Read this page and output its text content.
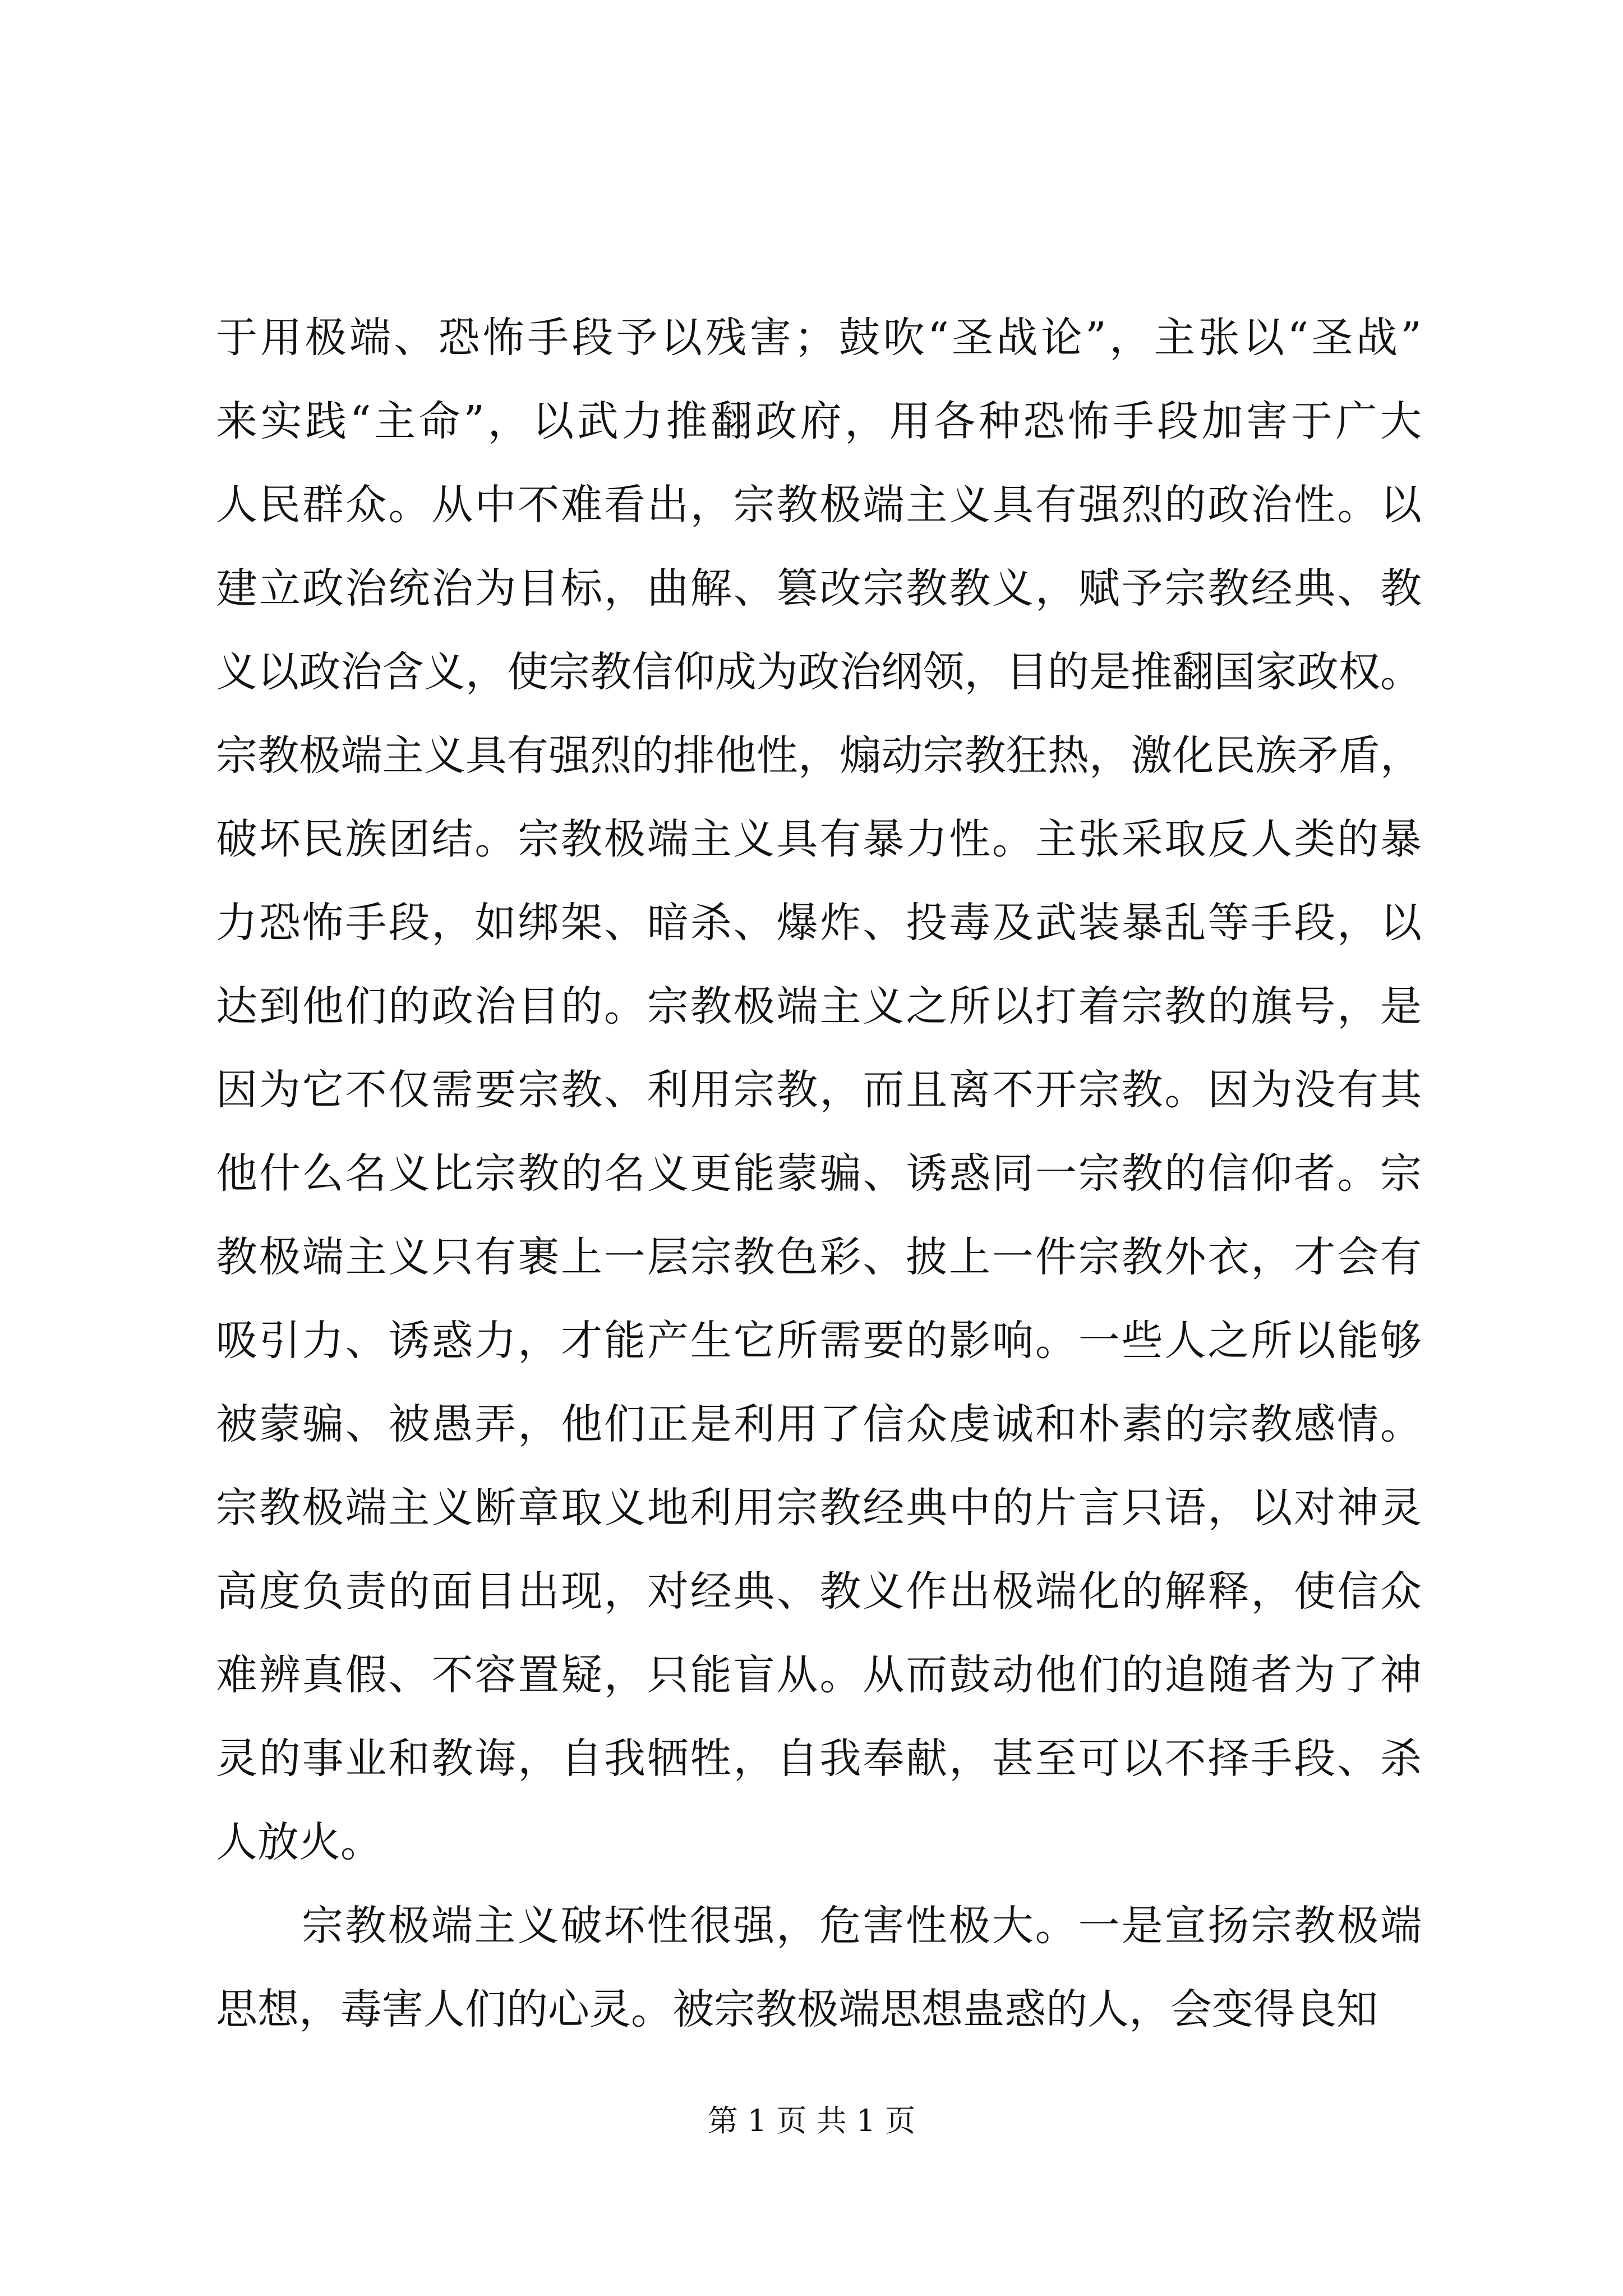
于用极端、恐怖手段予以残害；鼓吹“圣战论”，主张以“圣战”
来实践“主命”，以武力推翻政府，用各种恐怖手段加害于广大
人民群众。从中不难看出，宗教极端主义具有强烈的政治性。以
建立政治统治为目标，曲解、篡改宗教教义，赋予宗教经典、教
义以政治含义，使宗教信仰成为政治纲领，目的是推翻国家政权。
宗教极端主义具有强烈的排他性，煽动宗教狂热，激化民族矛盾，
破坏民族团结。宗教极端主义具有暴力性。主张采取反人类的暴
力恐怖手段，如绑架、暗杀、爆炸、投毒及武装暴乱等手段，以
达到他们的政治目的。宗教极端主义之所以打着宗教的旗号，是
因为它不仅需要宗教、利用宗教，而且离不开宗教。因为没有其
他什么名义比宗教的名义更能蒙骗、诱惑同一宗教的信仰者。宗
教极端主义只有裹上一层宗教色彩、披上一件宗教外衣，才会有
吸引力、诱惑力，才能产生它所需要的影响。一些人之所以能够
被蒙骗、被愚弄，他们正是利用了信众虔诚和朴素的宗教感情。
宗教极端主义断章取义地利用宗教经典中的片言只语，以对神灵
高度负责的面目出现，对经典、教义作出极端化的解释，使信众
难辨真假、不容置疑，只能盲从。从而鼓动他们的追随者为了神
灵的事业和教诲，自我牺牲，自我奉献，甚至可以不择手段、杀
人放火。
宗教极端主义破坏性很强，危害性极大。一是宣扬宗教极端
思想，毒害人们的心灵。被宗教极端思想蛊惑的人，会变得良知
第 1 页 共 1 页
